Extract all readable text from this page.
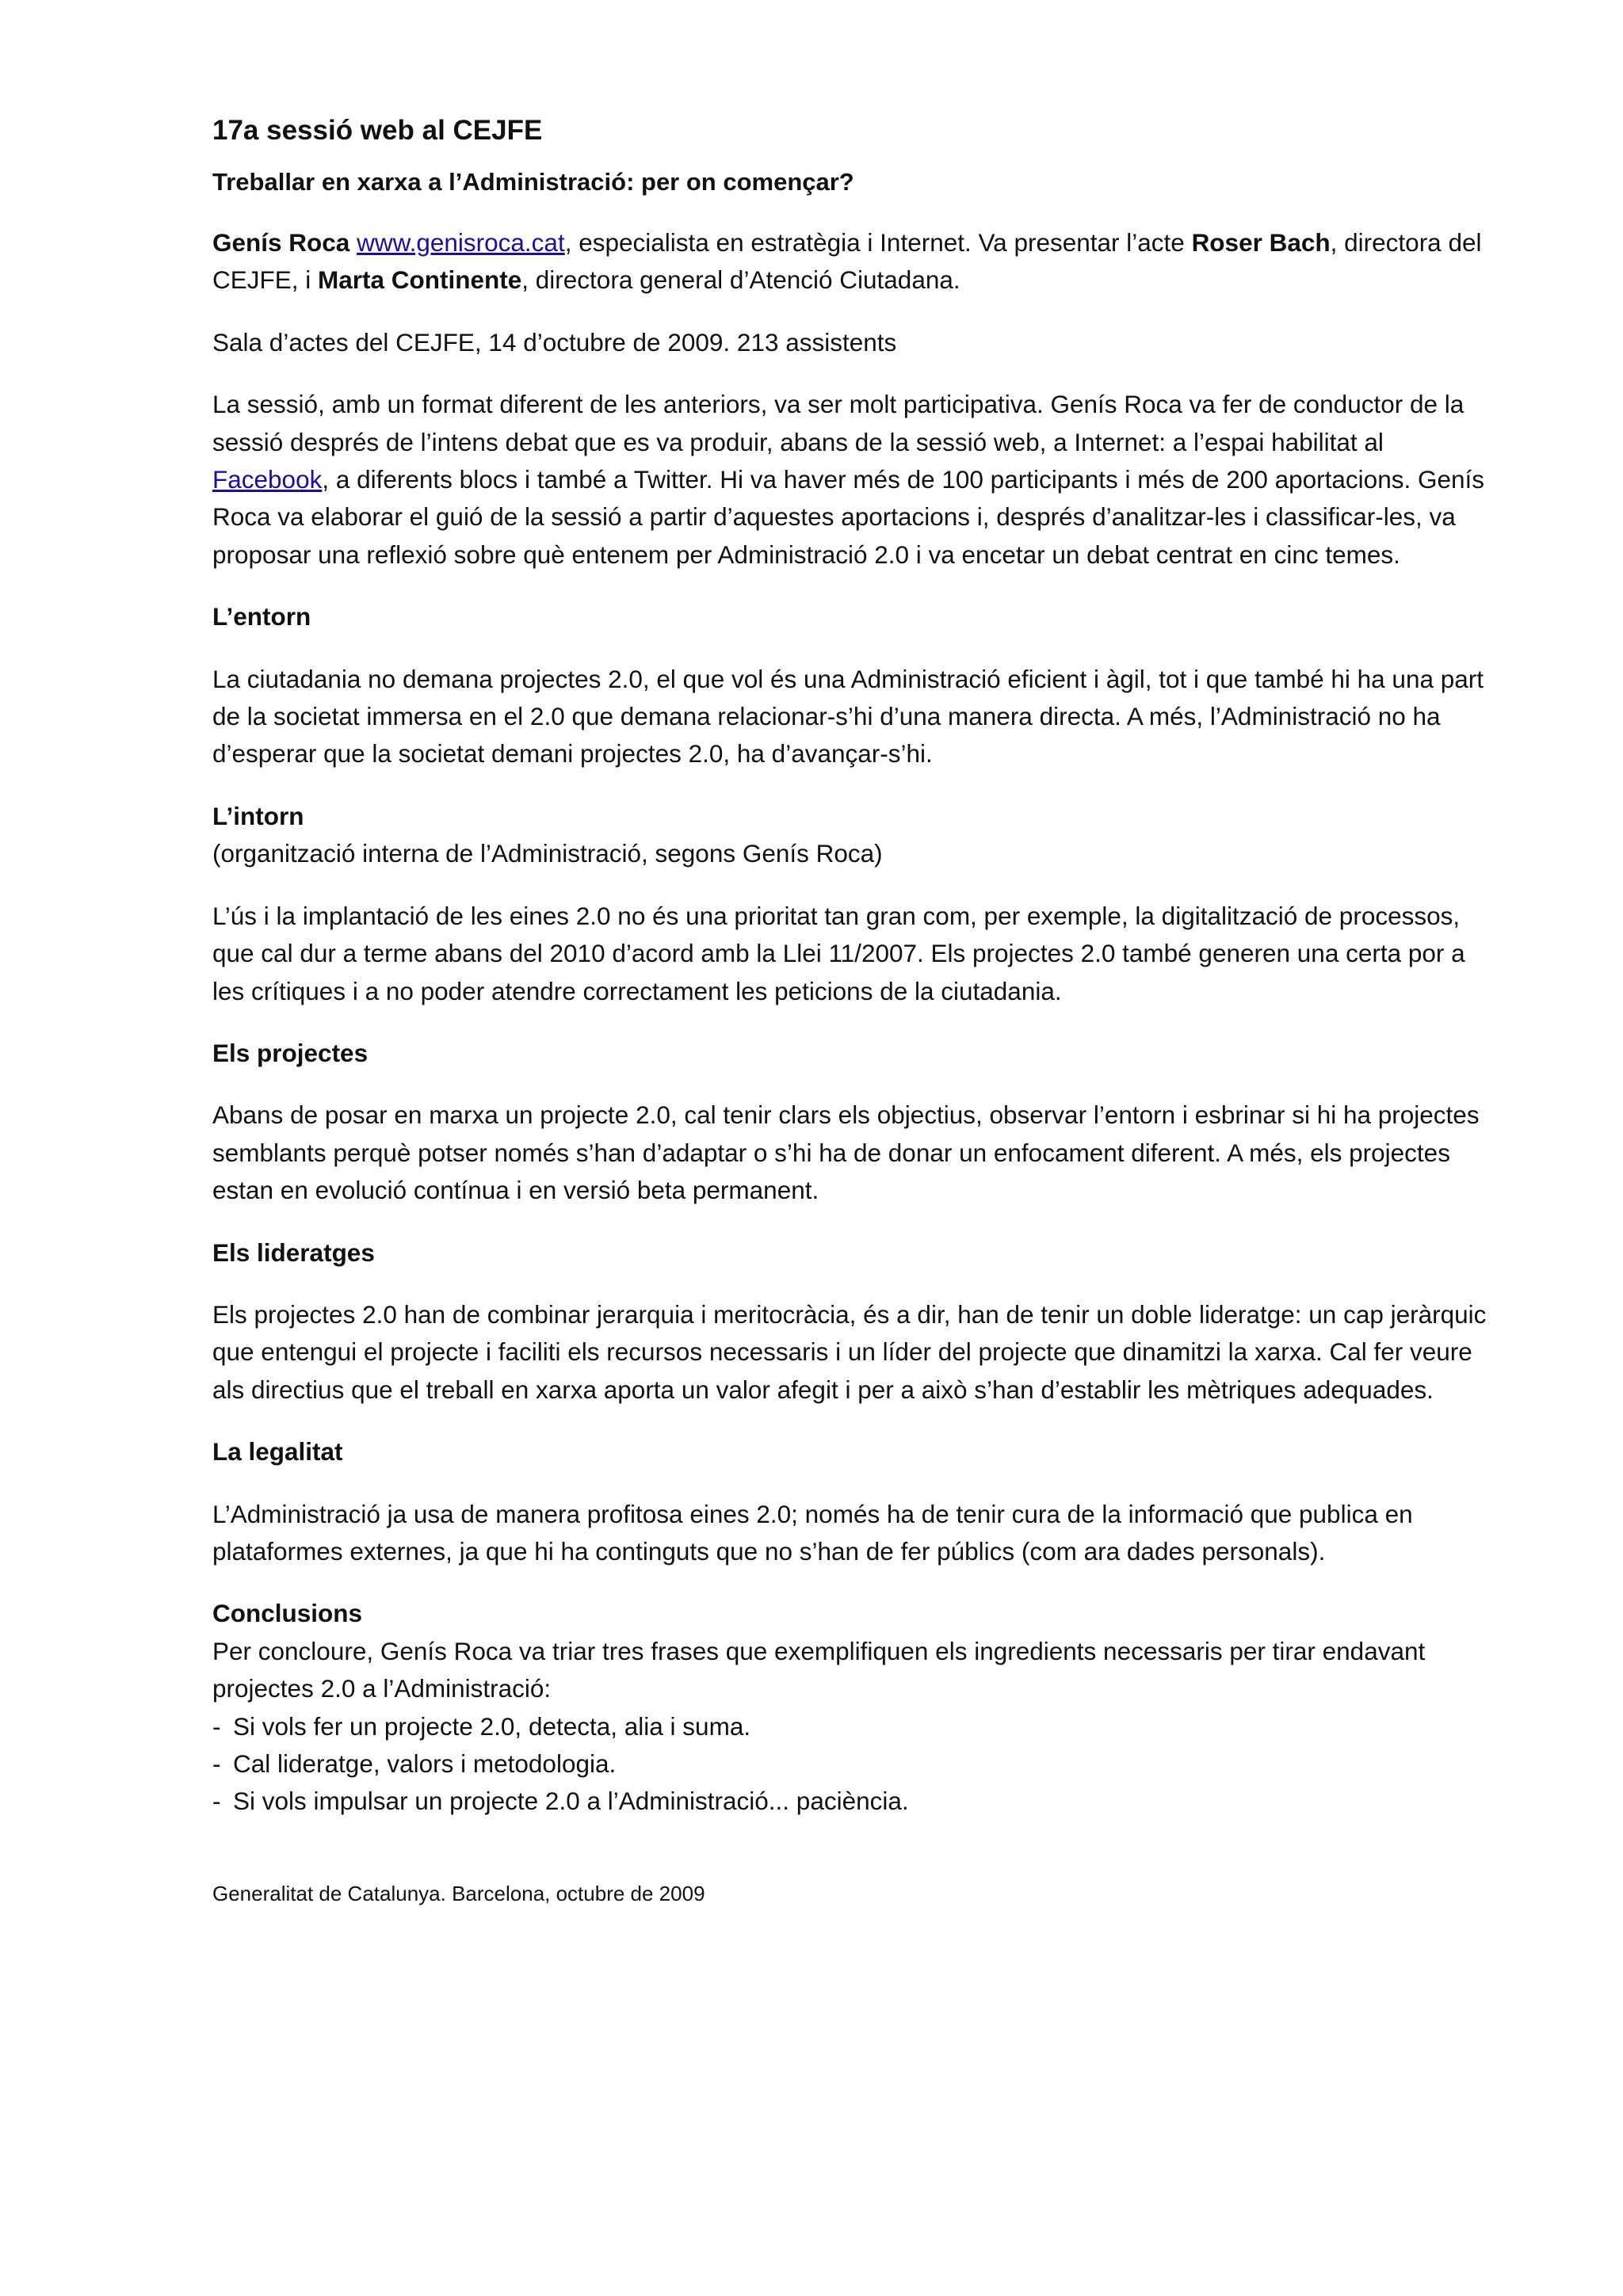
17a sessió web al CEJFE
Treballar en xarxa a l’Administració: per on començar?

Genís Roca www.genisroca.cat, especialista en estratègia i Internet. Va presentar l’acte Roser Bach, directora del CEJFE, i Marta Continente, directora general d’Atenció Ciutadana.

Sala d’actes del CEJFE, 14 d’octubre de 2009. 213 assistents

La sessió, amb un format diferent de les anteriors, va ser molt participativa. Genís Roca va fer de conductor de la sessió després de l’intens debat que es va produir, abans de la sessió web, a Internet: a l’espai habilitat al Facebook, a diferents blocs i també a Twitter. Hi va haver més de 100 participants i més de 200 aportacions. Genís Roca va elaborar el guió de la sessió a partir d’aquestes aportacions i, després d’analitzar-les i classificar-les, va proposar una reflexió sobre què entenem per Administració 2.0 i va encetar un debat centrat en cinc temes.

L’entorn

La ciutadania no demana projectes 2.0, el que vol és una Administració eficient i àgil, tot i que també hi ha una part de la societat immersa en el 2.0 que demana relacionar-s’hi d’una manera directa. A més, l’Administració no ha d’esperar que la societat demani projectes 2.0, ha d’avançar-s’hi.

L’intorn

(organització interna de l’Administració, segons Genís Roca)

L’ús i la implantació de les eines 2.0 no és una prioritat tan gran com, per exemple, la digitalització de processos, que cal dur a terme abans del 2010 d’acord amb la Llei 11/2007. Els projectes 2.0 també generen una certa por a les crítiques i a no poder atendre correctament les peticions de la ciutadania.

Els projectes

Abans de posar en marxa un projecte 2.0, cal tenir clars els objectius, observar l’entorn i esbrinar si hi ha projectes semblants perquè potser només s’han d’adaptar o s’hi ha de donar un enfocament diferent. A més, els projectes estan en evolució contínua i en versió beta permanent.

Els lideratges

Els projectes 2.0 han de combinar jerarquia i meritocràcia, és a dir, han de tenir un doble lideratge: un cap jeràrquic que entengui el projecte i faciliti els recursos necessaris i un líder del projecte que dinamitzi la xarxa. Cal fer veure als directius que el treball en xarxa aporta un valor afegit i per a això s’han d’establir les mètriques adequades.

La legalitat

L’Administració ja usa de manera profitosa eines 2.0; només ha de tenir cura de la informació que publica en plataformes externes, ja que hi ha continguts que no s’han de fer públics (com ara dades personals).

Conclusions

Per concloure, Genís Roca va triar tres frases que exemplifiquen els ingredients necessaris per tirar endavant projectes 2.0 a l’Administració:

- Si vols fer un projecte 2.0, detecta, alia i suma.
- Cal lideratge, valors i metodologia.
- Si vols impulsar un projecte 2.0 a l’Administració... paciència.
Generalitat de Catalunya. Barcelona, octubre de 2009
